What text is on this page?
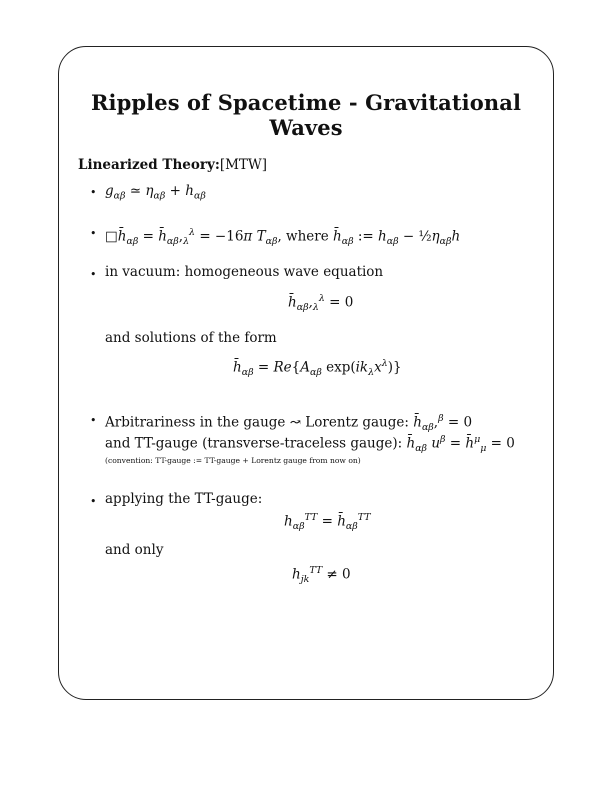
Ripples of Spacetime - Gravitational Waves
Linearized Theory:[MTW]
• $g_{\alpha\beta}$ ≃ $\eta_{\alpha\beta} + h_{\alpha\beta}$
• $□h̄_{\alpha\beta}$ = $h̄_{\alpha\beta},_\lambda^\lambda = -16\pi$ $T_{\alpha\beta}$, where $h̄_{\alpha\beta}$ := $h_{\alpha\beta}$ − $\frac{1}{2}\eta_{\alpha\beta}h$
• in vacuum: homogeneous wave equation
$h̄_{\alpha\beta},_\lambda^\lambda = 0$
and solutions of the form
$h̄_{\alpha\beta} = Re\{A_{\alpha\beta}$ $\exp(ik_\lambda x^\lambda)$}
• Arbitrariness in the gauge ↝ Lorentz gauge: $h̄_{\alpha\beta},^\beta = 0$
and TT-gauge (transverse-traceless gauge): $h̄_{\alpha\beta}$ $u^\beta$ = h̄$^\mu_\mu$ = 0
(convention: TT-gauge := TT-gauge + Lorentz gauge from now on)
• applying the TT-gauge:
$h_{\alpha\beta}^{TT}$ = $h̄_{\alpha\beta}^{TT}$
and only
$h_{jk}^{TT} \ne 0$
